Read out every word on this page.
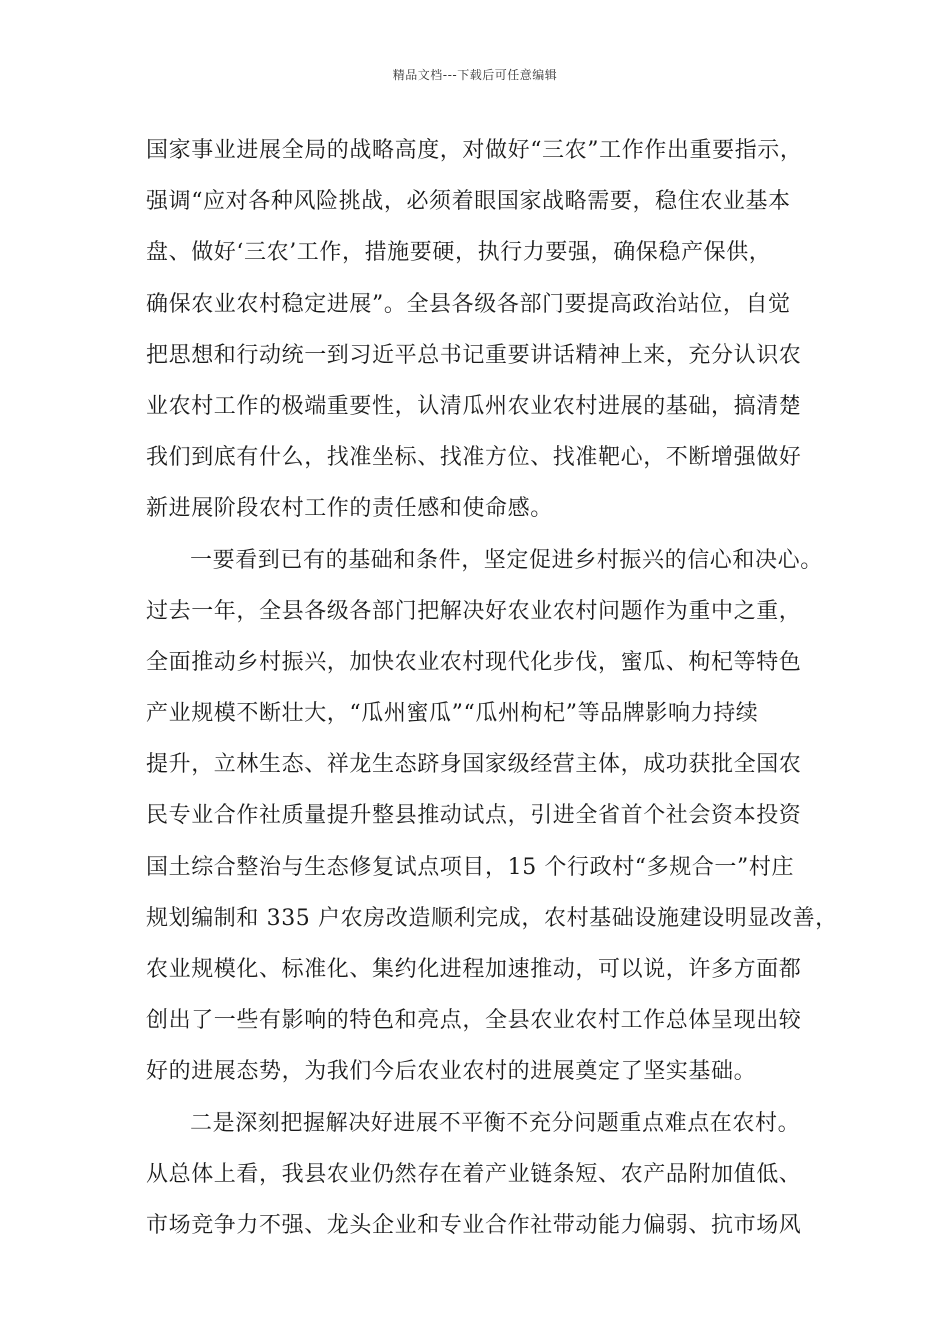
精品文档---下载后可任意编辑
国家事业进展全局的战略高度，对做好“三农”工作作出重要指示，
强调“应对各种风险挑战，必须着眼国家战略需要，稳住农业基本
盘、做好‘三农’工作，措施要硬，执行力要强，确保稳产保供，
确保农业农村稳定进展”。全县各级各部门要提高政治站位，自觉
把思想和行动统一到习近平总书记重要讲话精神上来，充分认识农
业农村工作的极端重要性，认清瓜州农业农村进展的基础，搞清楚
我们到底有什么，找准坐标、找准方位、找准靶心，不断增强做好
新进展阶段农村工作的责任感和使命感。
一要看到已有的基础和条件，坚定促进乡村振兴的信心和决心。
过去一年，全县各级各部门把解决好农业农村问题作为重中之重，
全面推动乡村振兴，加快农业农村现代化步伐，蜜瓜、枸杞等特色
产业规模不断壮大，“瓜州蜜瓜”“瓜州枸杞”等品牌影响力持续
提升，立林生态、祥龙生态跻身国家级经营主体，成功获批全国农
民专业合作社质量提升整县推动试点，引进全省首个社会资本投资
国土综合整治与生态修复试点项目，15 个行政村“多规合一”村庄
规划编制和 335 户农房改造顺利完成，农村基础设施建设明显改善，
农业规模化、标准化、集约化进程加速推动，可以说，许多方面都
创出了一些有影响的特色和亮点，全县农业农村工作总体呈现出较
好的进展态势，为我们今后农业农村的进展奠定了坚实基础。
二是深刻把握解决好进展不平衡不充分问题重点难点在农村。
从总体上看，我县农业仍然存在着产业链条短、农产品附加值低、
市场竞争力不强、龙头企业和专业合作社带动能力偏弱、抗市场风
